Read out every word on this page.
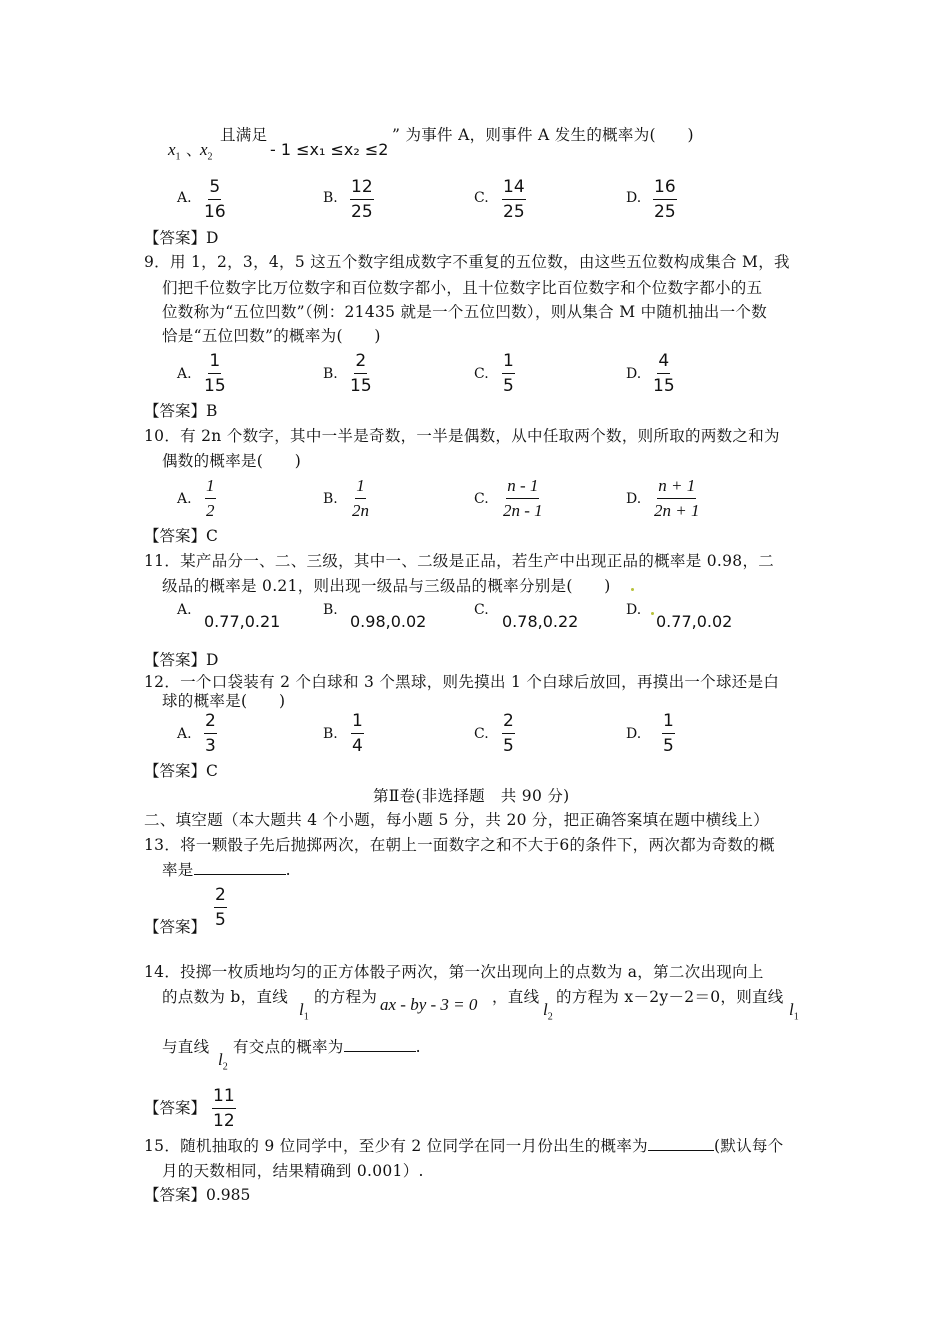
$x_1$ 、
$x_2$
且满足
- 1 ≤x₁ ≤x₂ ≤2
” 为事件 A，则事件 A 发生的概率为(　　)
A. $\frac{5}{16}$	B. $\frac{12}{25}$	C. $\frac{14}{25}$	D. $\frac{16}{25}$
【答案】D
9．用 1，2，3，4，5 这五个数字组成数字不重复的五位数，由这些五位数构成集合 M，我
们把千位数字比万位数字和百位数字都小，且十位数字比百位数字和个位数字都小的五
位数称为“五位凹数”（例：21435 就是一个五位凹数），则从集合 M 中随机抽出一个数
恰是“五位凹数”的概率为(　　)
A. $\frac{1}{15}$	B. $\frac{2}{15}$	C. $\frac{1}{5}$	D. $\frac{4}{15}$
【答案】B
10．有 2n 个数字，其中一半是奇数，一半是偶数，从中任取两个数，则所取的两数之和为
偶数的概率是(　　)
A. $\frac{1}{2}$	B. $\frac{1}{2n}$	C. $\frac{n - 1}{2n - 1}$	D. $\frac{n + 1}{2n + 1}$
【答案】C
11．某产品分一、二、三级，其中一、二级是正品，若生产中出现正品的概率是 0.98，二
级品的概率是 0.21，则出现一级品与三级品的概率分别是(　　)
A.
0.77,0.21
B.
0.98,0.02
C.
0.78,0.22
D.
0.77,0.02
【答案】D
12．一个口袋装有 2 个白球和 3 个黑球，则先摸出 1 个白球后放回，再摸出一个球还是白
球的概率是(　　)
A. $\frac{2}{3}$	B. $\frac{1}{4}$	C. $\frac{2}{5}$	D. $\frac{1}{5}$
【答案】C
第Ⅱ卷(非选择题　共 90 分)
二、填空题（本大题共 4 个小题，每小题 5 分，共 20 分，把正确答案填在题中横线上）
13．将一颗骰子先后抛掷两次，在朝上一面数字之和不大于6的条件下，两次都为奇数的概
率是	.
【答案】 $\frac{2}{5}$
14．投掷一枚质地均匀的正方体骰子两次，第一次出现向上的点数为 a，第二次出现向上
的点数为 b，直线
$l_1$
的方程为 ax - by - 3 = 0 ，直线
$l_2$
的方程为 x－2y－2＝0，则直线
$l_1$
与直线
$l_2$
有交点的概率为	.
【答案】 $\frac{11}{12}$
15．随机抽取的 9 位同学中，至少有 2 位同学在同一月份出生的概率为	(默认每个
月的天数相同，结果精确到 0.001）.
【答案】0.985
